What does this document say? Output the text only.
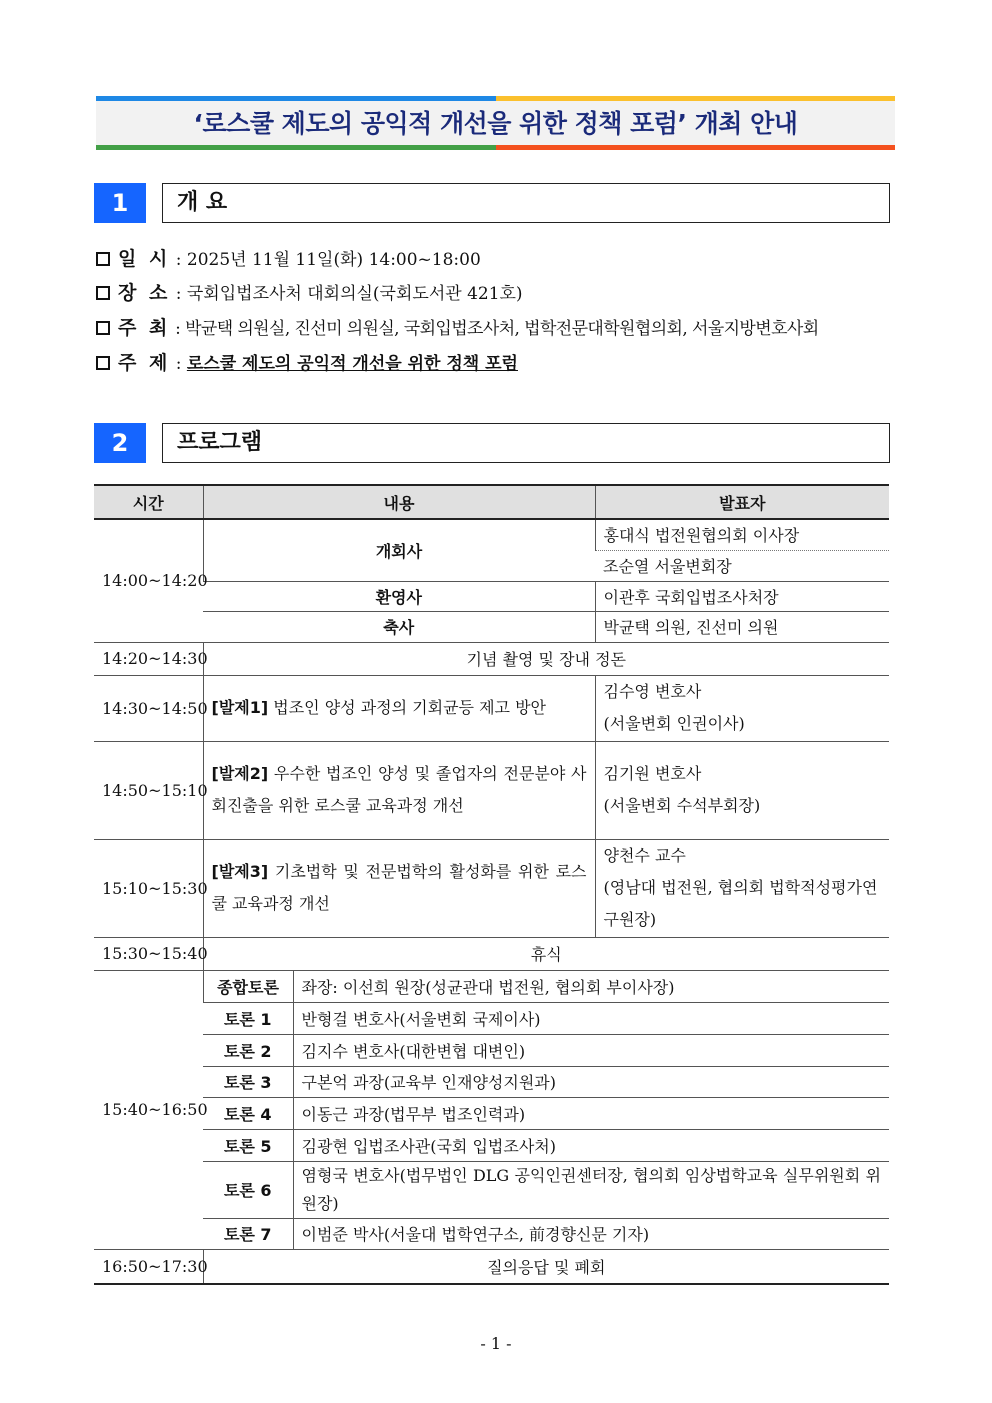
‘로스쿨 제도의 공익적 개선을 위한 정책 포럼’ 개최 안내
1	개 요
일 시 : 2025년 11월 11일(화) 14:00~18:00
장 소 : 국회입법조사처 대회의실(국회도서관 421호)
주 최 : 박균택 의원실, 진선미 의원실, 국회입법조사처, 법학전문대학원협의회, 서울지방변호사회
주 제 : 로스쿨 제도의 공익적 개선을 위한 정책 포럼
2	프로그램
시간	내용		발표자
14:00~14:20	개회사		홍대식 법전원협의회 이사장
			조순열 서울변회장
	환영사		이관후 국회입법조사처장
	축사		박균택 의원, 진선미 의원
14:20~14:30	기념 촬영 및 장내 정돈		
14:30~14:50	[발제1] 법조인 양성 과정의 기회균등 제고 방안		김수영 변호사
(서울변회 인권이사)

14:50~15:10	[발제2] 우수한 법조인 양성 및 졸업자의 전문분야 사회진출을 위한 로스쿨 교육과정 개선		김기원 변호사
(서울변회 수석부회장)

15:10~15:30	[발제3] 기초법학 및 전문법학의 활성화를 위한 로스쿨 교육과정 개선		양천수 교수
(영남대 법전원, 협의회 법학적성평가연구원장)

15:30~15:40	휴식		
15:40~16:50	종합토론	좌장: 이선희 원장(성균관대 법전원, 협의회 부이사장)	
	토론 1	반형걸 변호사(서울변회 국제이사)	
	토론 2	김지수 변호사(대한변협 대변인)	
	토론 3	구본억 과장(교육부 인재양성지원과)	
	토론 4	이동근 과장(법무부 법조인력과)	
	토론 5	김광현 입법조사관(국회 입법조사처)	
	토론 6	염형국 변호사(법무법인 DLG 공익인권센터장, 협의회 임상법학교육 실무위원회 위원장)	
	토론 7	이범준 박사(서울대 법학연구소, 前경향신문 기자)	
16:50~17:30	질의응답 및 폐회		
- 1 -
